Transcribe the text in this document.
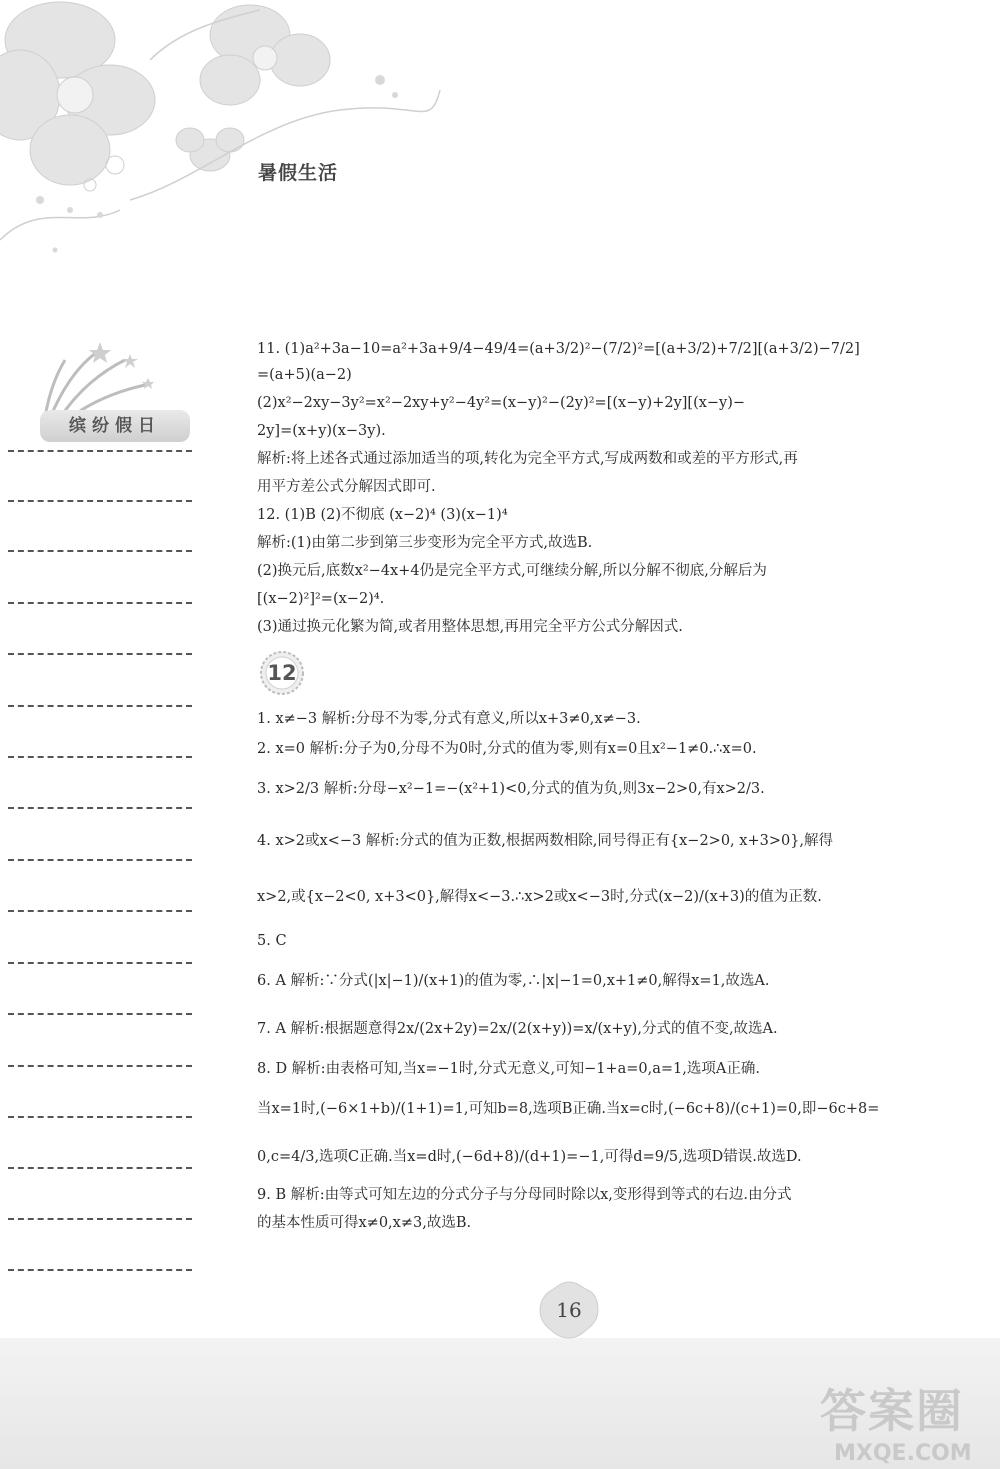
暑假生活
缤纷假日
11. (1)a²+3a−10=a²+3a+9/4−49/4=(a+3/2)²−(7/2)²=[(a+3/2)+7/2][(a+3/2)−7/2]
=(a+5)(a−2)
(2)x²−2xy−3y²=x²−2xy+y²−4y²=(x−y)²−(2y)²=[(x−y)+2y][(x−y)−
2y]=(x+y)(x−3y).
解析:将上述各式通过添加适当的项,转化为完全平方式,写成两数和或差的平方形式,再
用平方差公式分解因式即可.
12. (1)B (2)不彻底 (x−2)⁴ (3)(x−1)⁴
解析:(1)由第二步到第三步变形为完全平方式,故选B.
(2)换元后,底数x²−4x+4仍是完全平方式,可继续分解,所以分解不彻底,分解后为
[(x−2)²]²=(x−2)⁴.
(3)通过换元化繁为简,或者用整体思想,再用完全平方公式分解因式.
12
1. x≠−3 解析:分母不为零,分式有意义,所以x+3≠0,x≠−3.
2. x=0 解析:分子为0,分母不为0时,分式的值为零,则有x=0且x²−1≠0.∴x=0.
3. x>2/3 解析:分母−x²−1=−(x²+1)<0,分式的值为负,则3x−2>0,有x>2/3.
4. x>2或x<−3 解析:分式的值为正数,根据两数相除,同号得正有{x−2>0, x+3>0},解得
x>2,或{x−2<0, x+3<0},解得x<−3.∴x>2或x<−3时,分式(x−2)/(x+3)的值为正数.
5. C
6. A 解析:∵分式(|x|−1)/(x+1)的值为零,∴|x|−1=0,x+1≠0,解得x=1,故选A.
7. A 解析:根据题意得2x/(2x+2y)=2x/(2(x+y))=x/(x+y),分式的值不变,故选A.
8. D 解析:由表格可知,当x=−1时,分式无意义,可知−1+a=0,a=1,选项A正确.
当x=1时,(−6×1+b)/(1+1)=1,可知b=8,选项B正确.当x=c时,(−6c+8)/(c+1)=0,即−6c+8=
0,c=4/3,选项C正确.当x=d时,(−6d+8)/(d+1)=−1,可得d=9/5,选项D错误.故选D.
9. B 解析:由等式可知左边的分式分子与分母同时除以x,变形得到等式的右边.由分式
的基本性质可得x≠0,x≠3,故选B.
16
答案圈
MXQE.COM
